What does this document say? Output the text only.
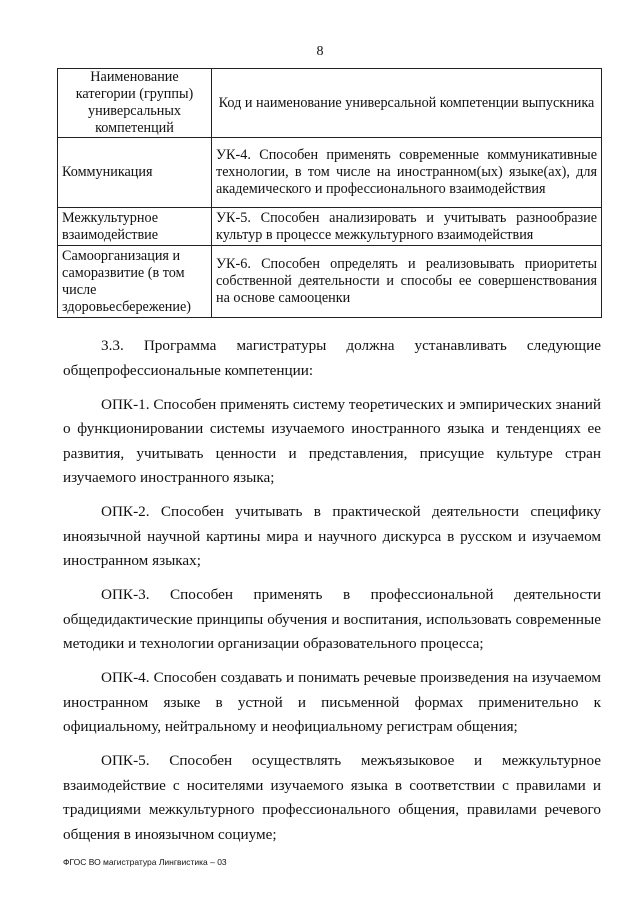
8
Наименование категории (группы) универсальных компетенций	Код и наименование универсальной компетенции выпускника
Коммуникация	УК-4. Способен применять современные коммуникативные технологии, в том числе на иностранном(ых) языке(ах), для академического и профессионального взаимодействия
Межкультурное взаимодействие	УК-5. Способен анализировать и учитывать разнообразие культур в процессе межкультурного взаимодействия
Самоорганизация и саморазвитие (в том числе здоровьесбережение)	УК-6. Способен определять и реализовывать приоритеты собственной деятельности и способы ее совершенствования на основе самооценки

3.3. Программа магистратуры должна устанавливать следующие общепрофессиональные компетенции:

ОПК-1. Способен применять систему теоретических и эмпирических знаний о функционировании системы изучаемого иностранного языка и тенденциях ее развития, учитывать ценности и представления, присущие культуре стран изучаемого иностранного языка;

ОПК-2. Способен учитывать в практической деятельности специфику иноязычной научной картины мира и научного дискурса в русском и изучаемом иностранном языках;

ОПК-3. Способен применять в профессиональной деятельности общедидактические принципы обучения и воспитания, использовать современные методики и технологии организации образовательного процесса;

ОПК-4. Способен создавать и понимать речевые произведения на изучаемом иностранном языке в устной и письменной формах применительно к официальному, нейтральному и неофициальному регистрам общения;

ОПК-5. Способен осуществлять межъязыковое и межкультурное взаимодействие с носителями изучаемого языка в соответствии с правилами и традициями межкультурного профессионального общения, правилами речевого общения в иноязычном социуме;

ФГОС ВО магистратура Лингвистика – 03
